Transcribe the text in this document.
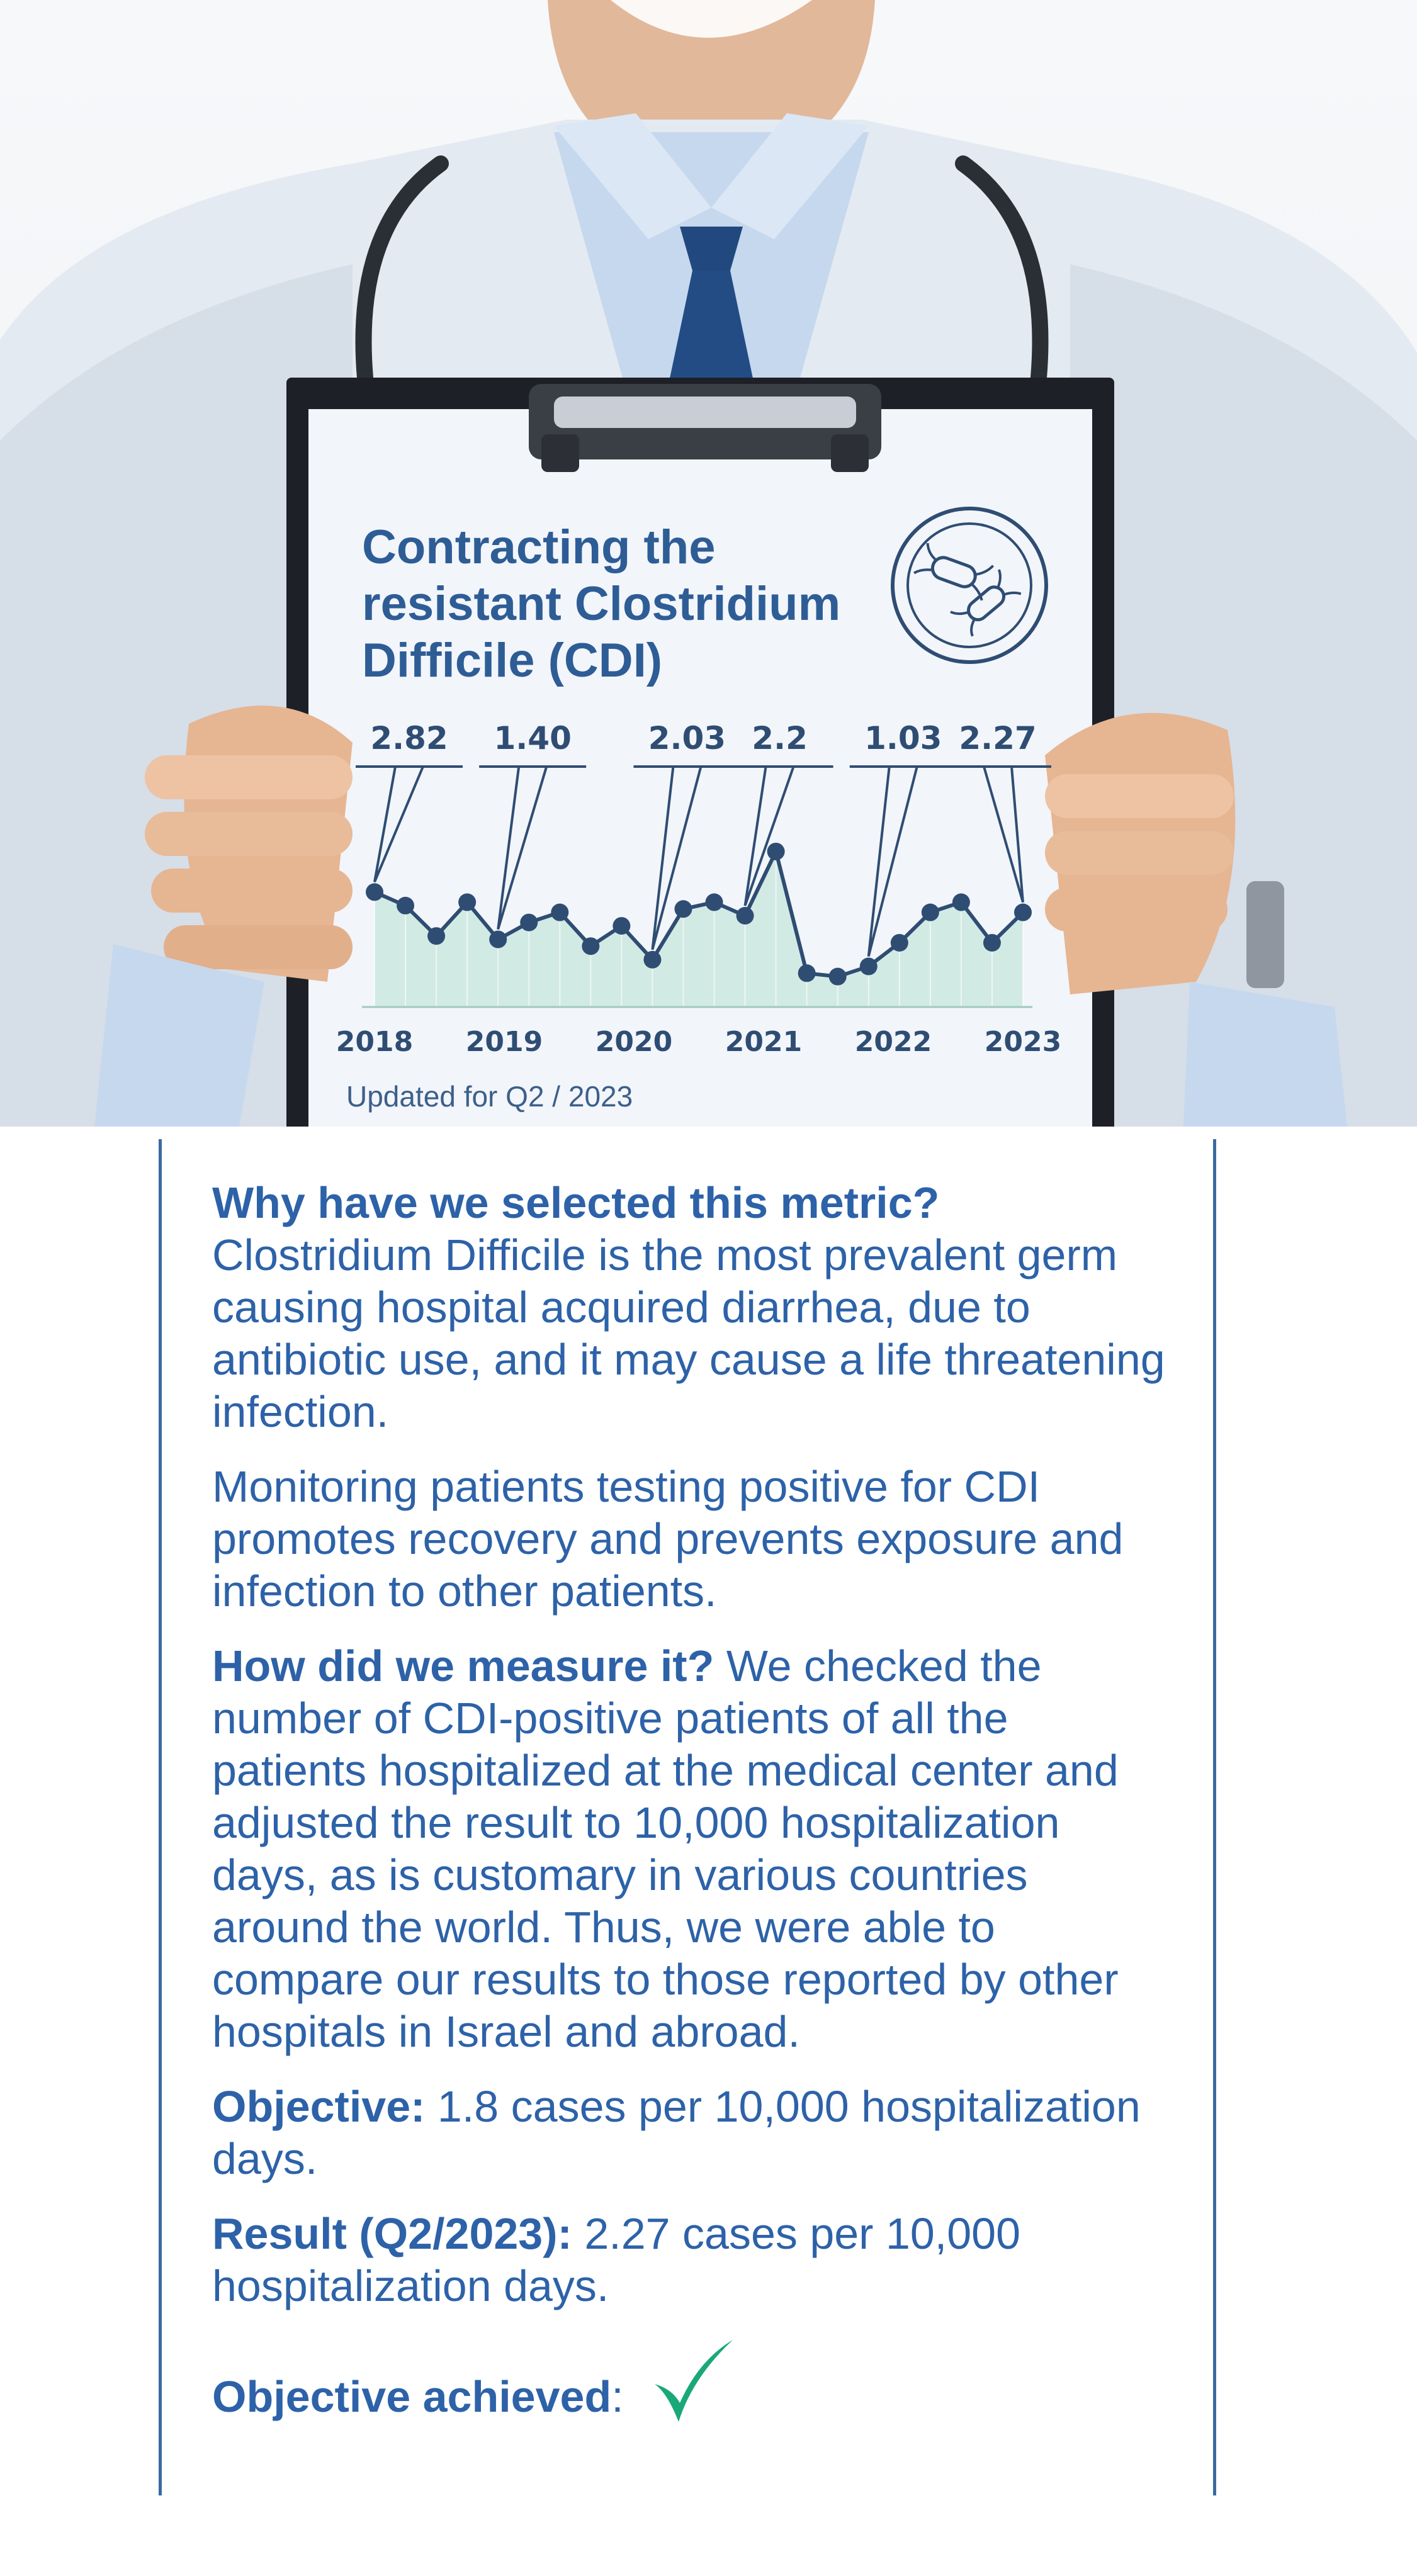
Contracting the resistant Clostridium Difficile (CDI)
2.82 1.40 2.03 2.2 1.03 2.27
2018 2019 2020 2021 2022 2023
Updated for Q2 / 2023

Why have we selected this metric?
Clostridium Difficile is the most prevalent germ causing hospital acquired diarrhea, due to antibiotic use, and it may cause a life threatening infection.

Monitoring patients testing positive for CDI promotes recovery and prevents exposure and infection to other patients.

How did we measure it? We checked the number of CDI-positive patients of all the patients hospitalized at the medical center and adjusted the result to 10,000 hospitalization days, as is customary in various countries around the world. Thus, we were able to compare our results to those reported by other hospitals in Israel and abroad.

Objective: 1.8 cases per 10,000 hospitalization days.

Result (Q2/2023): 2.27 cases per 10,000 hospitalization days.

Objective achieved:
